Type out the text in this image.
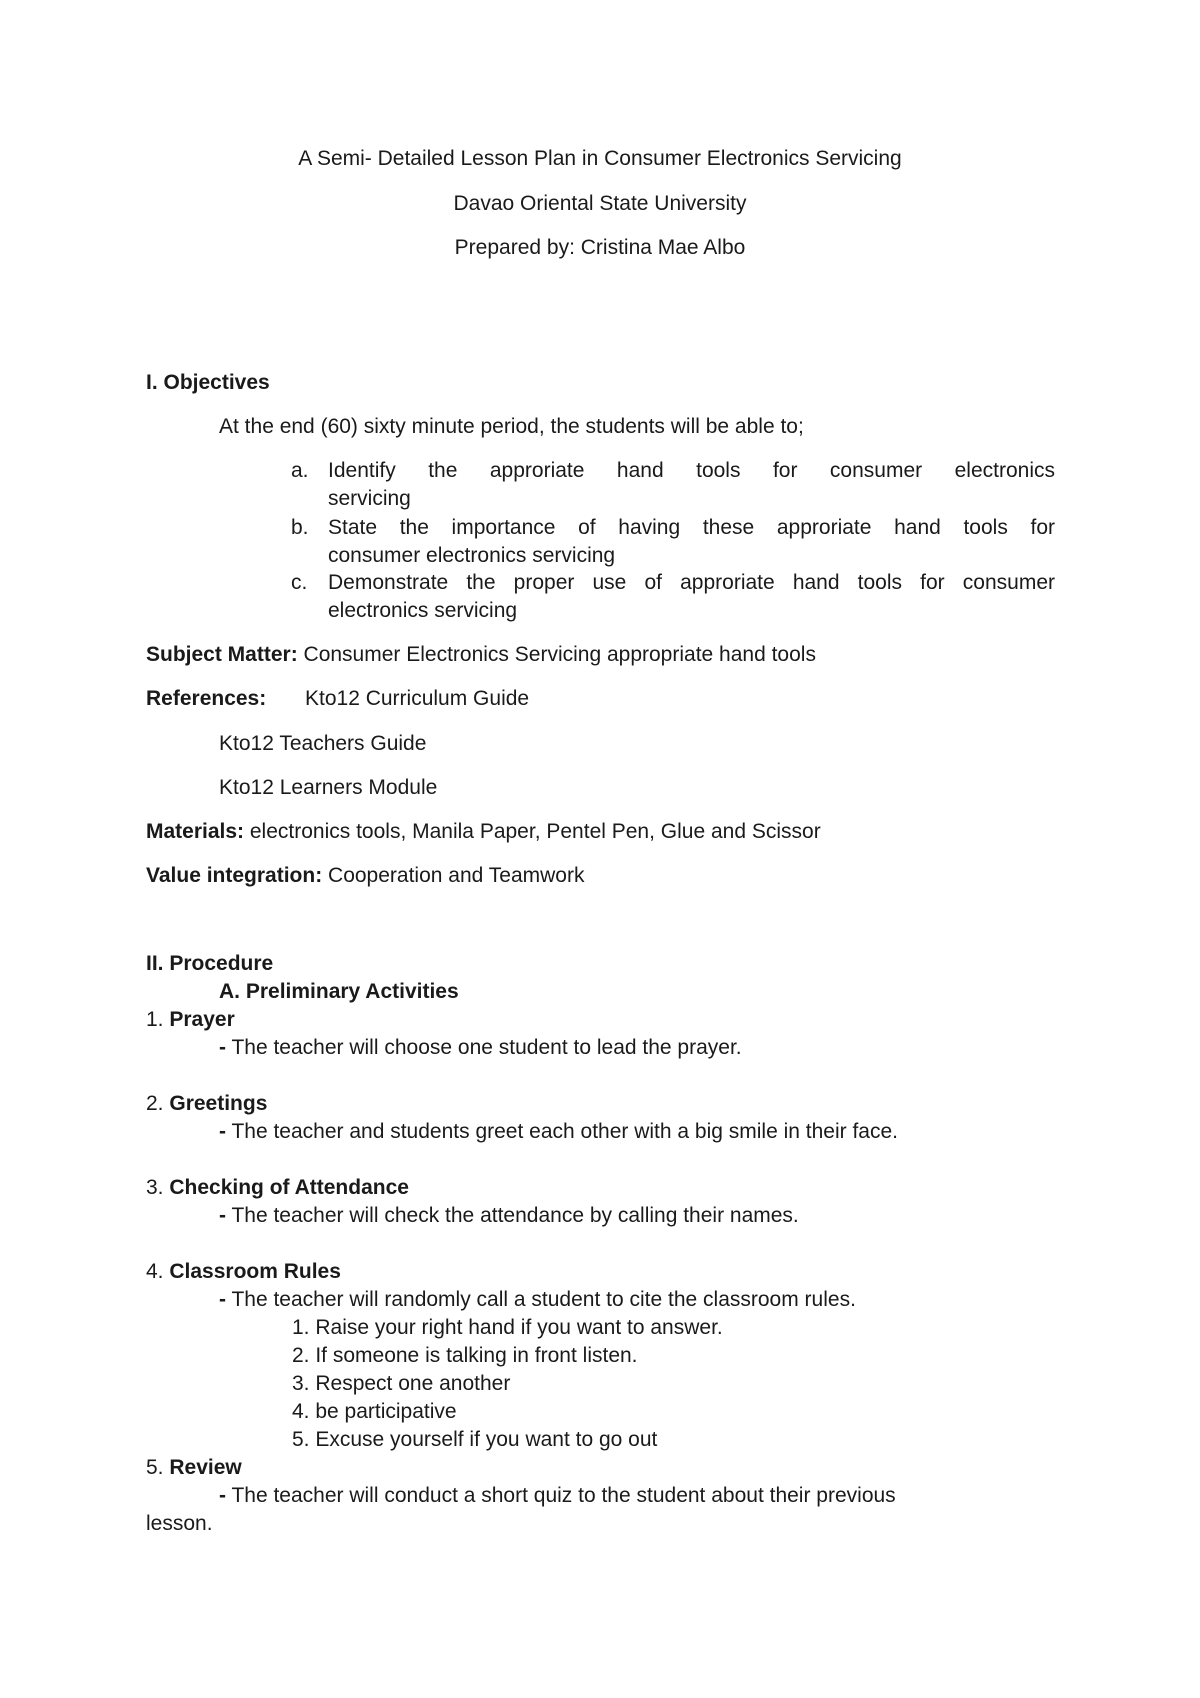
A Semi- Detailed Lesson Plan in Consumer Electronics Servicing
Davao Oriental State University
Prepared by: Cristina Mae Albo
I. Objectives
At the end (60) sixty minute period, the students will be able to;
a. Identify the approriate hand tools for consumer electronics
servicing
b. State the importance of having these approriate hand tools for
consumer electronics servicing
c. Demonstrate the proper use of approriate hand tools for consumer
electronics servicing
Subject Matter: Consumer Electronics Servicing appropriate hand tools
References: Kto12 Curriculum Guide
Kto12 Teachers Guide
Kto12 Learners Module
Materials: electronics tools, Manila Paper, Pentel Pen, Glue and Scissor
Value integration: Cooperation and Teamwork
II. Procedure
A. Preliminary Activities
1. Prayer
- The teacher will choose one student to lead the prayer.
2. Greetings
- The teacher and students greet each other with a big smile in their face.
3. Checking of Attendance
- The teacher will check the attendance by calling their names.
4. Classroom Rules
- The teacher will randomly call a student to cite the classroom rules.
1. Raise your right hand if you want to answer.
2. If someone is talking in front listen.
3. Respect one another
4. be participative
5. Excuse yourself if you want to go out
5. Review
- The teacher will conduct a short quiz to the student about their previous
lesson.
